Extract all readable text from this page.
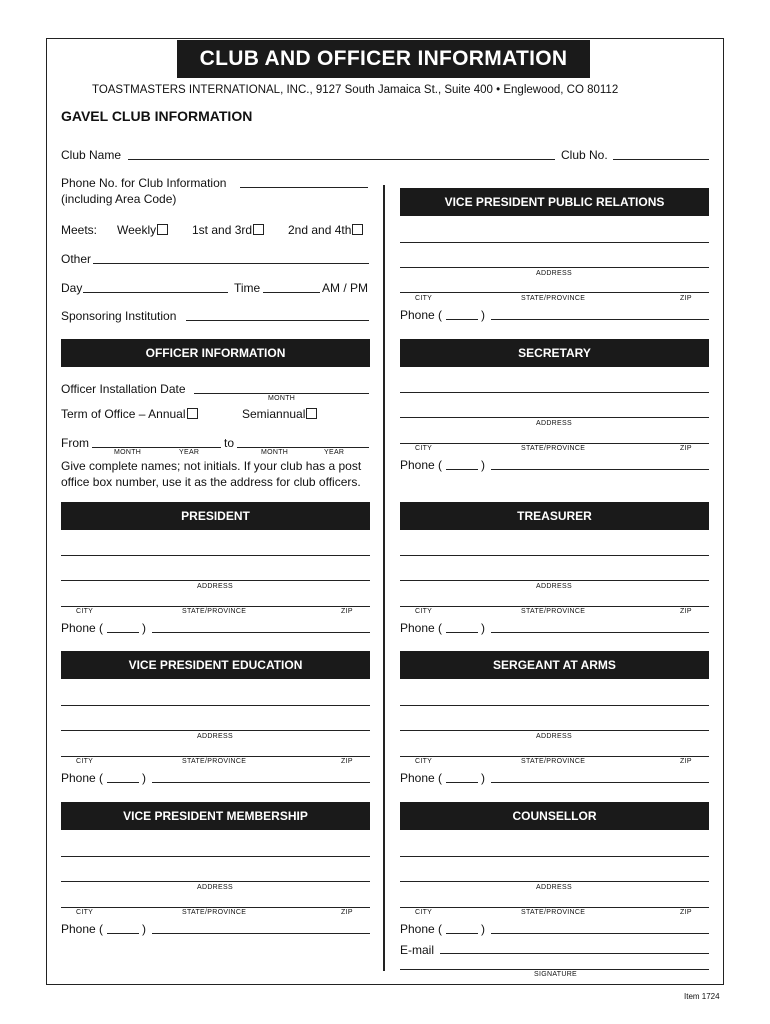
CLUB AND OFFICER INFORMATION
TOASTMASTERS INTERNATIONAL, INC., 9127 South Jamaica St., Suite 400 • Englewood, CO 80112
GAVEL CLUB INFORMATION
Club Name	Club No.
Phone No. for Club Information
(including Area Code)
Meets: Weekly	1st and 3rd	2nd and 4th
Other
Day	Time	AM / PM
Sponsoring Institution
OFFICER INFORMATION
Officer Installation Date
MONTH
Term of Office – Annual	Semiannual
From	to
MONTH	YEAR	MONTH	YEAR
Give complete names; not initials. If your club has a post
office box number, use it as the address for club officers.
VICE PRESIDENT PUBLIC RELATIONS
ADDRESS
CITY	STATE/PROVINCE	ZIP
Phone (	)
SECRETARY
ADDRESS
CITY	STATE/PROVINCE	ZIP
Phone (	)
PRESIDENT
ADDRESS
CITY	STATE/PROVINCE	ZIP
Phone (	)
TREASURER
ADDRESS
CITY	STATE/PROVINCE	ZIP
Phone (	)
VICE PRESIDENT EDUCATION
ADDRESS
CITY	STATE/PROVINCE	ZIP
Phone (	)
SERGEANT AT ARMS
ADDRESS
CITY	STATE/PROVINCE	ZIP
Phone (	)
VICE PRESIDENT MEMBERSHIP
ADDRESS
CITY	STATE/PROVINCE	ZIP
Phone (	)
COUNSELLOR
ADDRESS
CITY	STATE/PROVINCE	ZIP
Phone (	)
E-mail
SIGNATURE
Item 1724
